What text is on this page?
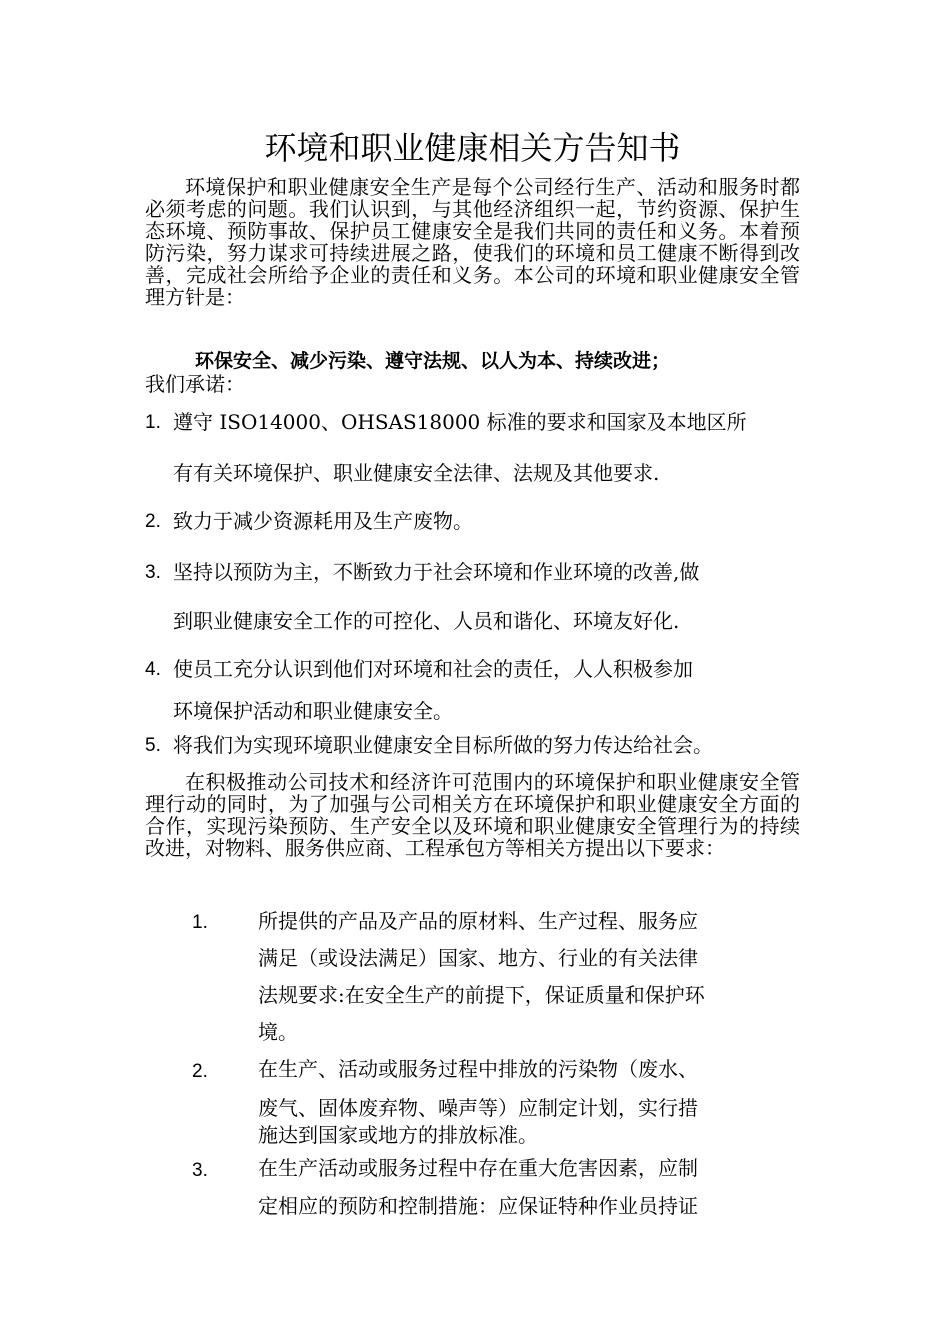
环境和职业健康相关方告知书

环境保护和职业健康安全生产是每个公司经行生产、活动和服务时都必须考虑的问题。我们认识到，与其他经济组织一起，节约资源、保护生态环境、预防事故、保护员工健康安全是我们共同的责任和义务。本着预防污染，努力谋求可持续进展之路，使我们的环境和员工健康不断得到改善，完成社会所给予企业的责任和义务。本公司的环境和职业健康安全管理方针是：

环保安全、减少污染、遵守法规、以人为本、持续改进；
我们承诺：
1. 遵守 ISO14000、OHSAS18000 标准的要求和国家及本地区所
有有关环境保护、职业健康安全法律、法规及其他要求.
2. 致力于减少资源耗用及生产废物。
3. 坚持以预防为主，不断致力于社会环境和作业环境的改善,做
到职业健康安全工作的可控化、人员和谐化、环境友好化.
4. 使员工充分认识到他们对环境和社会的责任，人人积极参加
环境保护活动和职业健康安全。
5. 将我们为实现环境职业健康安全目标所做的努力传达给社会。

在积极推动公司技术和经济许可范围内的环境保护和职业健康安全管理行动的同时，为了加强与公司相关方在环境保护和职业健康安全方面的合作，实现污染预防、生产安全以及环境和职业健康安全管理行为的持续改进，对物料、服务供应商、工程承包方等相关方提出以下要求：

1.	所提供的产品及产品的原材料、生产过程、服务应
满足（或设法满足）国家、地方、行业的有关法律
法规要求:在安全生产的前提下，保证质量和保护环
境。
2.	在生产、活动或服务过程中排放的污染物（废水、
废气、固体废弃物、噪声等）应制定计划，实行措
施达到国家或地方的排放标准。
3.	在生产活动或服务过程中存在重大危害因素，应制
定相应的预防和控制措施：应保证特种作业员持证
